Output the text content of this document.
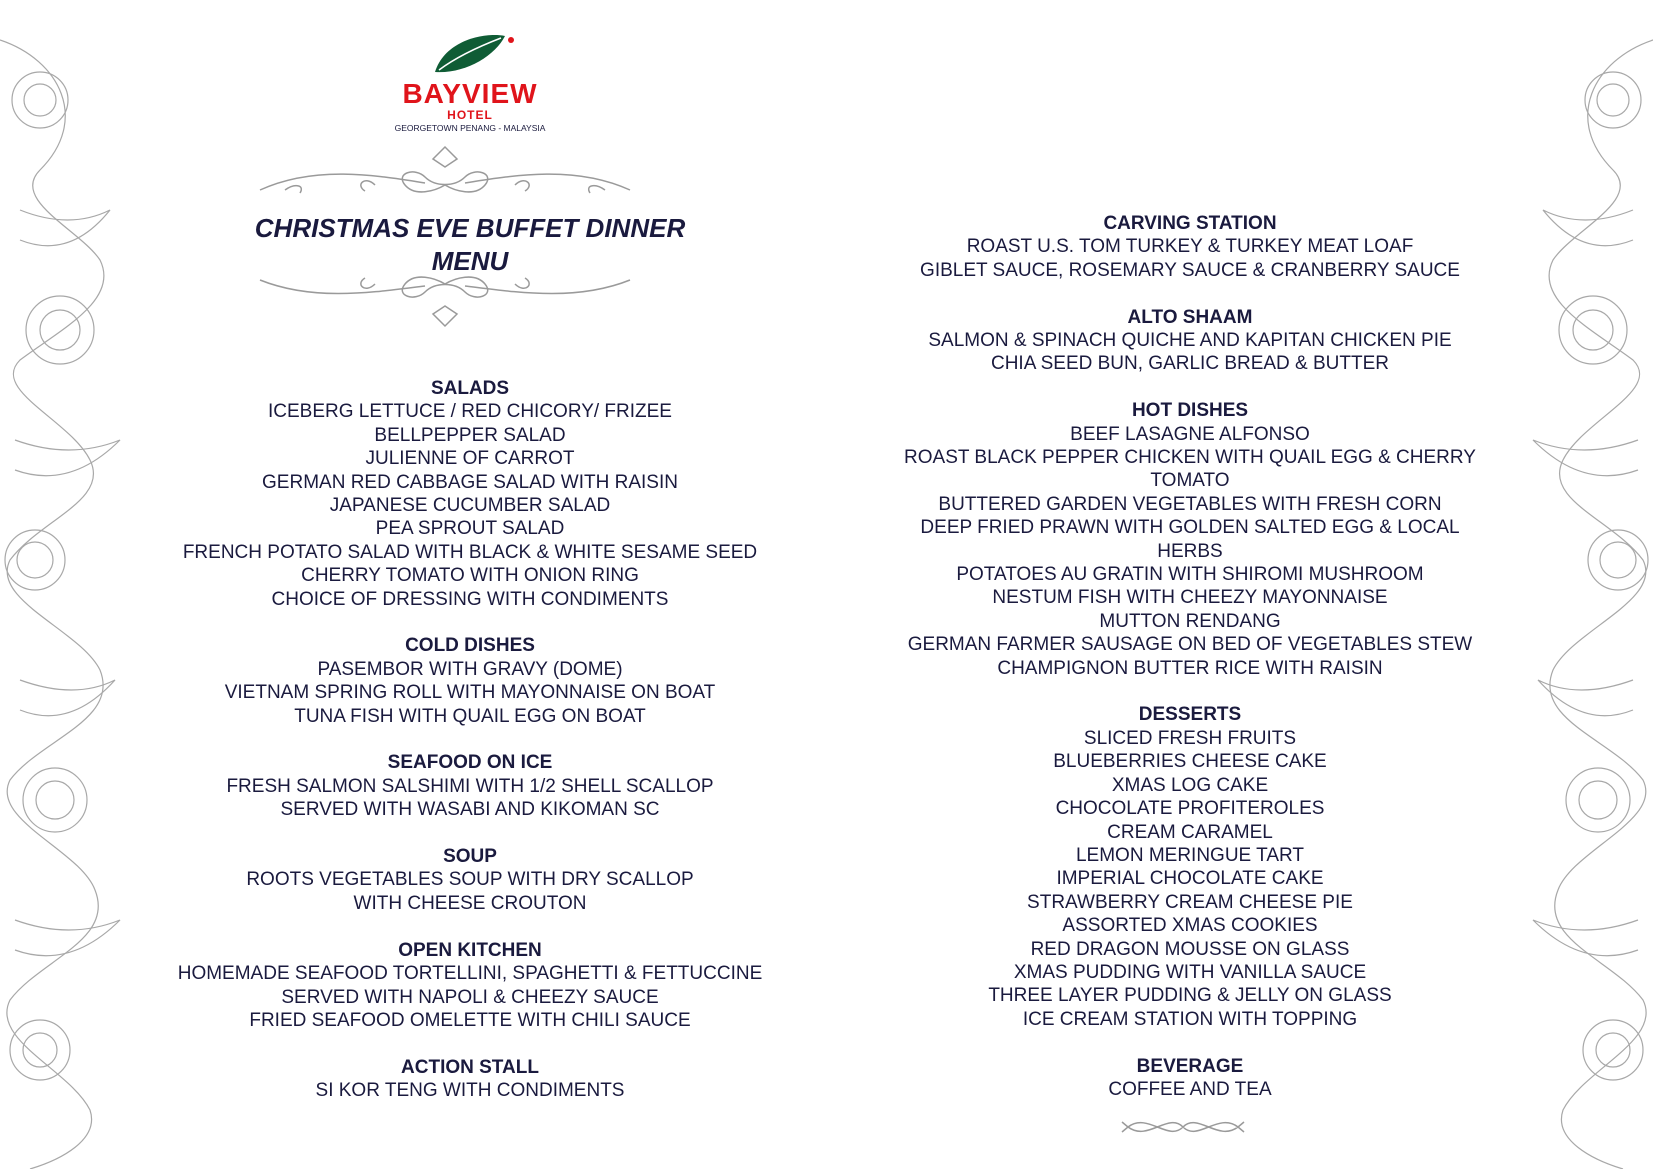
BAYVIEW
HOTEL
GEORGETOWN PENANG - MALAYSIA
CHRISTMAS EVE BUFFET DINNER
MENU
SALADS
ICEBERG LETTUCE / RED CHICORY/ FRIZEE
BELLPEPPER SALAD
JULIENNE OF CARROT
GERMAN RED CABBAGE SALAD WITH RAISIN
JAPANESE CUCUMBER SALAD
PEA SPROUT SALAD
FRENCH POTATO SALAD WITH BLACK & WHITE SESAME SEED
CHERRY TOMATO WITH ONION RING
CHOICE OF DRESSING WITH CONDIMENTS
COLD DISHES
PASEMBOR WITH GRAVY (DOME)
VIETNAM SPRING ROLL WITH MAYONNAISE ON BOAT
TUNA FISH WITH QUAIL EGG ON BOAT
SEAFOOD ON ICE
FRESH SALMON SALSHIMI WITH 1/2 SHELL SCALLOP
SERVED WITH WASABI AND KIKOMAN SC
SOUP
ROOTS VEGETABLES SOUP WITH DRY SCALLOP
WITH CHEESE CROUTON
OPEN KITCHEN
HOMEMADE SEAFOOD TORTELLINI, SPAGHETTI & FETTUCCINE
SERVED WITH NAPOLI & CHEEZY SAUCE
FRIED SEAFOOD OMELETTE WITH CHILI SAUCE
ACTION STALL
SI KOR TENG WITH CONDIMENTS
CARVING STATION
ROAST U.S. TOM TURKEY & TURKEY MEAT LOAF
GIBLET SAUCE, ROSEMARY SAUCE & CRANBERRY SAUCE
ALTO SHAAM
SALMON & SPINACH QUICHE AND KAPITAN CHICKEN PIE
CHIA SEED BUN, GARLIC BREAD & BUTTER
HOT DISHES
BEEF LASAGNE ALFONSO
ROAST BLACK PEPPER CHICKEN WITH QUAIL EGG & CHERRY
TOMATO
BUTTERED GARDEN VEGETABLES WITH FRESH CORN
DEEP FRIED PRAWN WITH GOLDEN SALTED EGG & LOCAL
HERBS
POTATOES AU GRATIN WITH SHIROMI MUSHROOM
NESTUM FISH WITH CHEEZY MAYONNAISE
MUTTON RENDANG
GERMAN FARMER SAUSAGE ON BED OF VEGETABLES STEW
CHAMPIGNON BUTTER RICE WITH RAISIN
DESSERTS
SLICED FRESH FRUITS
BLUEBERRIES CHEESE CAKE
XMAS LOG CAKE
CHOCOLATE PROFITEROLES
CREAM CARAMEL
LEMON MERINGUE TART
IMPERIAL CHOCOLATE CAKE
STRAWBERRY CREAM CHEESE PIE
ASSORTED XMAS COOKIES
RED DRAGON MOUSSE ON GLASS
XMAS PUDDING WITH VANILLA SAUCE
THREE LAYER PUDDING & JELLY ON GLASS
ICE CREAM STATION WITH TOPPING
BEVERAGE
COFFEE AND TEA
